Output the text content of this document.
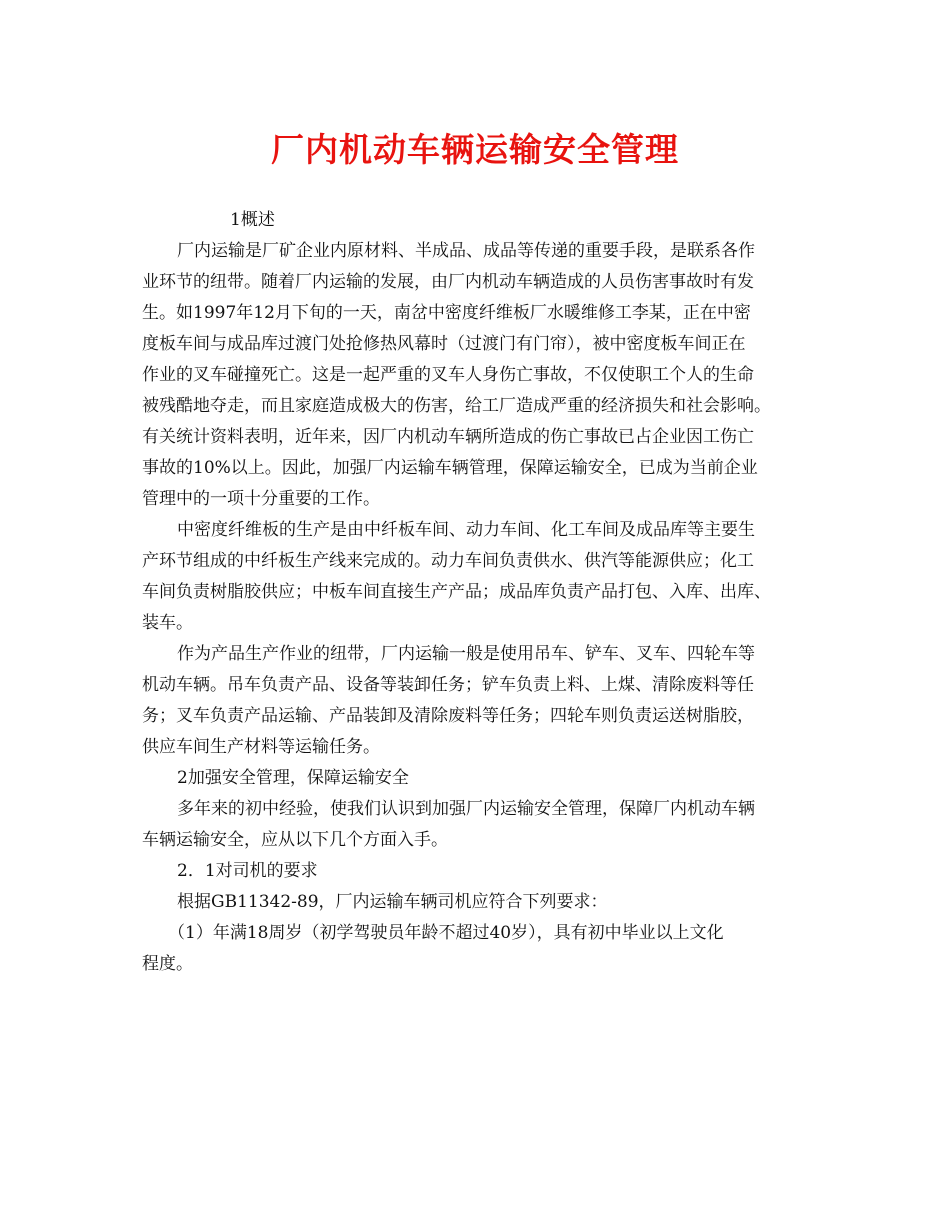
厂内机动车辆运输安全管理

1概述

厂内运输是厂矿企业内原材料、半成品、成品等传递的重要手段，是联系各作
业环节的纽带。随着厂内运输的发展，由厂内机动车辆造成的人员伤害事故时有发
生。如1997年12月下旬的一天，南岔中密度纤维板厂水暖维修工李某，正在中密
度板车间与成品库过渡门处抢修热风幕时（过渡门有门帘），被中密度板车间正在
作业的叉车碰撞死亡。这是一起严重的叉车人身伤亡事故，不仅使职工个人的生命
被残酷地夺走，而且家庭造成极大的伤害，给工厂造成严重的经济损失和社会影响。
有关统计资料表明，近年来，因厂内机动车辆所造成的伤亡事故已占企业因工伤亡
事故的10%以上。因此，加强厂内运输车辆管理，保障运输安全，已成为当前企业
管理中的一项十分重要的工作。

中密度纤维板的生产是由中纤板车间、动力车间、化工车间及成品库等主要生
产环节组成的中纤板生产线来完成的。动力车间负责供水、供汽等能源供应；化工
车间负责树脂胶供应；中板车间直接生产产品；成品库负责产品打包、入库、出库、
装车。

作为产品生产作业的纽带，厂内运输一般是使用吊车、铲车、叉车、四轮车等
机动车辆。吊车负责产品、设备等装卸任务；铲车负责上料、上煤、清除废料等任
务；叉车负责产品运输、产品装卸及清除废料等任务；四轮车则负责运送树脂胶，
供应车间生产材料等运输任务。

2加强安全管理，保障运输安全

多年来的初中经验，使我们认识到加强厂内运输安全管理，保障厂内机动车辆
车辆运输安全，应从以下几个方面入手。

2．1对司机的要求

根据GB11342-89，厂内运输车辆司机应符合下列要求：

（1）年满18周岁（初学驾驶员年龄不超过40岁），具有初中毕业以上文化
程度。
